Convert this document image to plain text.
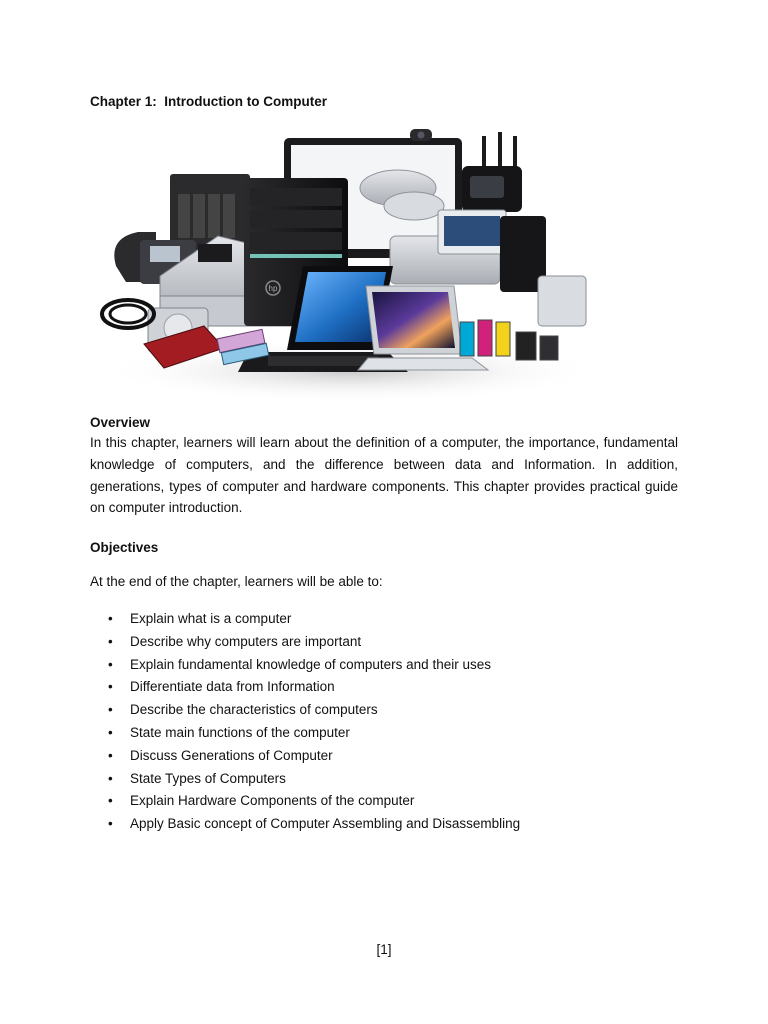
Chapter 1:  Introduction to Computer
hp
Overview

In this chapter, learners will learn about the definition of a computer, the importance, fundamental knowledge of computers, and the difference between data and Information. In addition, generations, types of computer and hardware components. This chapter provides practical guide on computer introduction.

Objectives
At the end of the chapter, learners will be able to:
• Explain what is a computer
• Describe why computers are important
• Explain fundamental knowledge of computers and their uses
• Differentiate data from Information
• Describe the characteristics of computers
• State main functions of the computer
• Discuss Generations of Computer
• State Types of Computers
• Explain Hardware Components of the computer
• Apply Basic concept of Computer Assembling and Disassembling
[1]
